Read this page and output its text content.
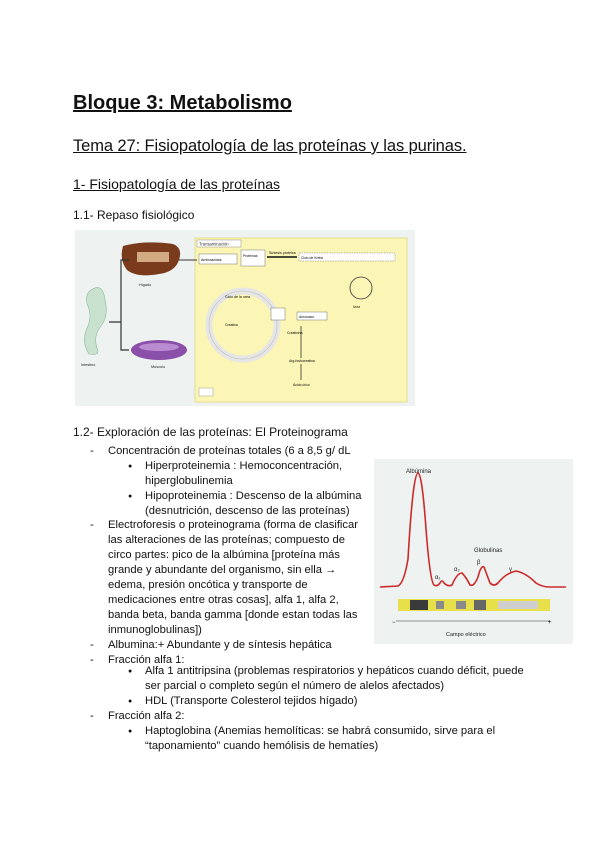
Bloque 3: Metabolismo
Tema 27: Fisiopatología de las proteínas y las purinas.
1- Fisiopatología de las proteínas

1.1- Repaso fisiológico

Transaminación
Hígado
Intestino	Músculo
Aminoácidos
Proteínas
Síntesis proteica
Ciclo de Krebs
Ciclo de la urea
Amoníaco
Creatina
Creatinina
Urea
Arg-fosfocreatina
Ácido úrico

1.2- Exploración de las proteínas: El Proteinograma

Albúmina
Globulinas
α₁
α₂
β
γ
−	+
Campo eléctrico
- Concentración de proteínas totales (6 a 8,5 g/ dL
● Hiperproteinemia : Hemoconcentración,
hiperglobulinemia
● Hipoproteinemia : Descenso de la albúmina
(desnutrición, descenso de las proteínas)
- Electroforesis o proteinograma (forma de clasificar
las alteraciones de las proteínas; compuesto de
circo partes: pico de la albúmina [proteína más
grande y abundante del organismo, sin ella →
edema, presión oncótica y transporte de
medicaciones entre otras cosas], alfa 1, alfa 2,
banda beta, banda gamma [donde estan todas las
inmunoglobulinas])
- Albumina:+ Abundante y de síntesis hepática
- Fracción alfa 1:
● Alfa 1 antitripsina (problemas respiratorios y hepáticos cuando déficit, puede
ser parcial o completo según el número de alelos afectados)
● HDL (Transporte Colesterol tejidos hígado)
- Fracción alfa 2:
● Haptoglobina (Anemias hemolíticas: se habrá consumido, sirve para el
“taponamiento” cuando hemólisis de hematíes)
